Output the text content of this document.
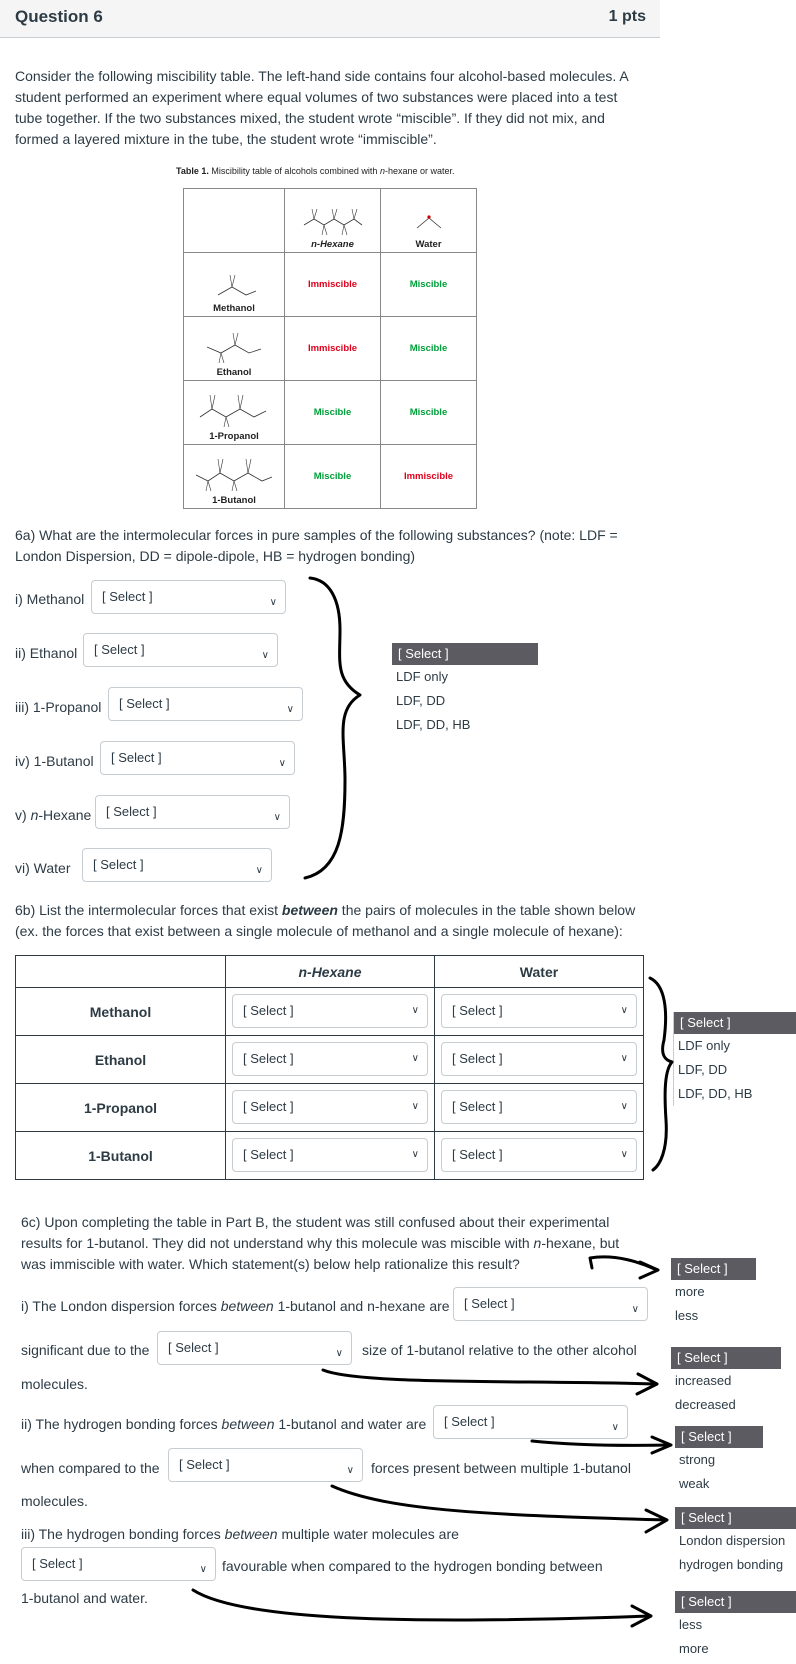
Question 6	1 pts

Consider the following miscibility table. The left-hand side contains four alcohol-based molecules. A student performed an experiment where equal volumes of two substances were placed into a test tube together. If the two substances mixed, the student wrote “miscible”. If they did not mix, and formed a layered mixture in the tube, the student wrote “immiscible”.

Table 1. Miscibility table of alcohols combined with n-hexane or water.

	n-Hexane	Water

Methanol	Immiscible	Miscible

Ethanol	Immiscible	Miscible

1-Propanol	Miscible	Miscible

1-Butanol	Miscible	Immiscible

6a) What are the intermolecular forces in pure samples of the following substances? (note: LDF = London Dispersion, DD = dipole-dipole, HB = hydrogen bonding)

i) Methanol	[ Select ]	∨
ii) Ethanol	[ Select ]	∨
iii) 1-Propanol	[ Select ]	∨
iv) 1-Butanol	[ Select ]	∨
v) n-Hexane	[ Select ]	∨
vi) Water	[ Select ]	∨
[ Select ]
LDF only
LDF, DD
LDF, DD, HB

6b) List the intermolecular forces that exist between the pairs of molecules in the table shown below (ex. the forces that exist between a single molecule of methanol and a single molecule of hexane):

	n-Hexane	Water
Methanol	[ Select ] ∨	[ Select ] ∨

Ethanol	[ Select ] ∨	[ Select ] ∨

1-Propanol	[ Select ] ∨	[ Select ] ∨

1-Butanol	[ Select ] ∨	[ Select ] ∨
[ Select ]
LDF only
LDF, DD
LDF, DD, HB

6c) Upon completing the table in Part B, the student was still confused about their experimental results for 1-butanol. They did not understand why this molecule was miscible with n-hexane, but was immiscible with water. Which statement(s) below help rationalize this result?

i) The London dispersion forces between 1-butanol and n-hexane are	[ Select ]	∨
significant due to the	[ Select ]	∨ size of 1-butanol relative to the other alcohol
molecules.
ii) The hydrogen bonding forces between 1-butanol and water are	[ Select ]	∨
when compared to the	[ Select ]	∨ forces present between multiple 1-butanol
molecules.
iii) The hydrogen bonding forces between multiple water molecules are
[ Select ]	∨ favourable when compared to the hydrogen bonding between
1-butanol and water.
[ Select ]
more
less
[ Select ]
increased
decreased
[ Select ]
strong
weak
[ Select ]
London dispersion
hydrogen bonding
[ Select ]
less
more
